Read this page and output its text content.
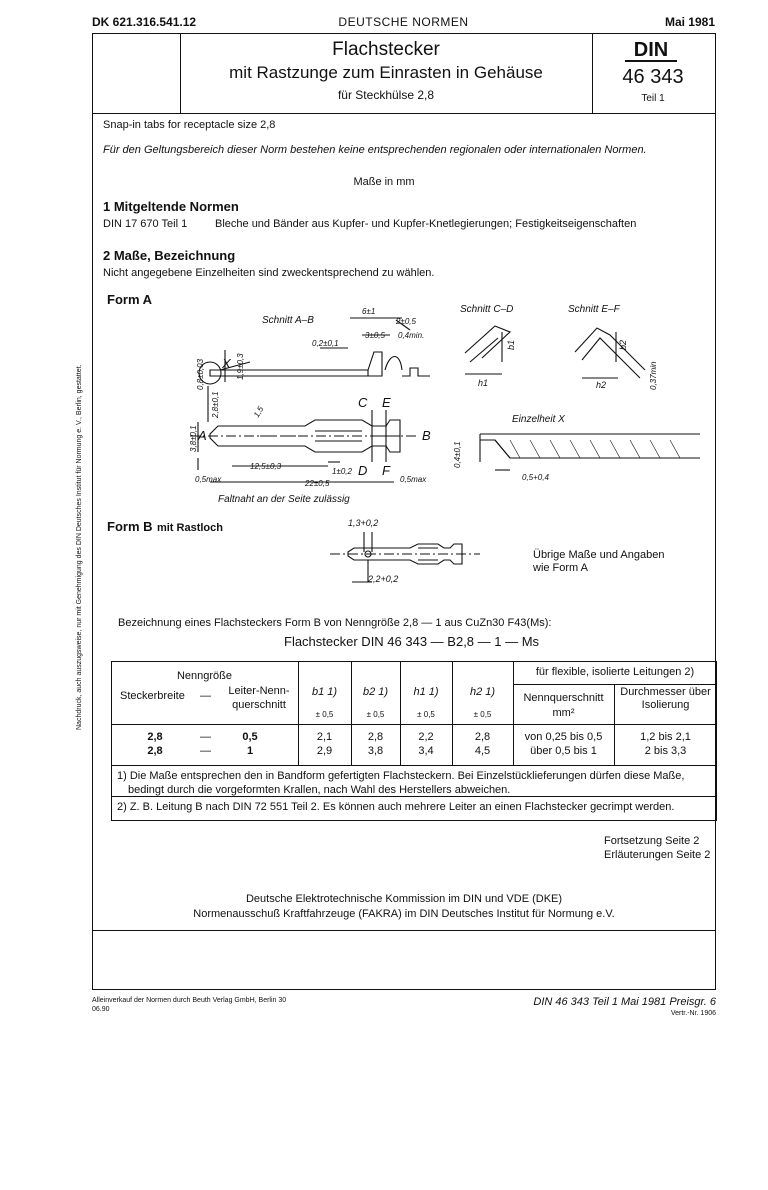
DK 621.316.541.12	DEUTSCHE NORMEN	Mai 1981
Flachstecker
mit Rastzunge zum Einrasten in Gehäuse
für Steckhülse 2,8
DIN
46 343
Teil 1
Snap-in tabs for receptacle size 2,8
Für den Geltungsbereich dieser Norm bestehen keine entsprechenden regionalen oder internationalen Normen.
Maße in mm
1 Mitgeltende Normen
DIN 17 670 Teil 1	Bleche und Bänder aus Kupfer- und Kupfer-Knetlegierungen; Festigkeitseigenschaften
2 Maße, Bezeichnung
Nicht angegebene Einzelheiten sind zweckentsprechend zu wählen.
Form A
Schnitt A–B
Schnitt C–D	Schnitt E–F
Einzelheit X
6±1
2±0,5
3±0,5 0,4min.
0,2±0,1
1,9±0,3
0,8±0,03
2,8±0,1
3,8±0,1
1,5
12,5±0,3
1±0,2
22±0,5
0,5max	0,5max
0,4±0,1
0,5+0,4
0,37min
X
A	B
C E
D F
b1	b2
h1	h2
Faltnaht an der Seite zulässig
Form B mit Rastloch	1,3+0,2
2,2+0,2
Übrige Maße und Angaben
wie Form A
Bezeichnung eines Flachsteckers Form B von Nenngröße 2,8 — 1 aus CuZn30 F43(Ms):
Flachstecker DIN 46 343 — B2,8 — 1 — Ms
Nenngröße
Steckerbreite —	Leiter-Nenn-
querschnitt
b1 1)	b2 1)	h1 1)	h2 1)
± 0,5	± 0,5	± 0,5	± 0,5
für flexible, isolierte Leitungen 2)
Nennquerschnitt
mm²
Durchmesser über
Isolierung
2,8	—	0,5	2,1	2,8	2,2	2,8	von 0,25 bis 0,5	1,2 bis 2,1
2,8	—	1	2,9	3,8	3,4	4,5	über 0,5 bis 1	2 bis 3,3
1) Die Maße entsprechen den in Bandform gefertigten Flachsteckern. Bei Einzelstücklieferungen dürfen diese Maße,
bedingt durch die vorgeformten Krallen, nach Wahl des Herstellers abweichen.
2) Z. B. Leitung B nach DIN 72 551 Teil 2. Es können auch mehrere Leiter an einen Flachstecker gecrimpt werden.
Fortsetzung Seite 2
Erläuterungen Seite 2
Deutsche Elektrotechnische Kommission im DIN und VDE (DKE)
Normenausschuß Kraftfahrzeuge (FAKRA) im DIN Deutsches Institut für Normung e.V.
Nachdruck, auch auszugsweise, nur mit Genehmigung des DIN Deutsches Institut für Normung e. V., Berlin, gestattet.
Alleinverkauf der Normen durch Beuth Verlag GmbH, Berlin 30
06.90
DIN 46 343 Teil 1 Mai 1981 Preisgr. 6
Vertr.-Nr. 1906
